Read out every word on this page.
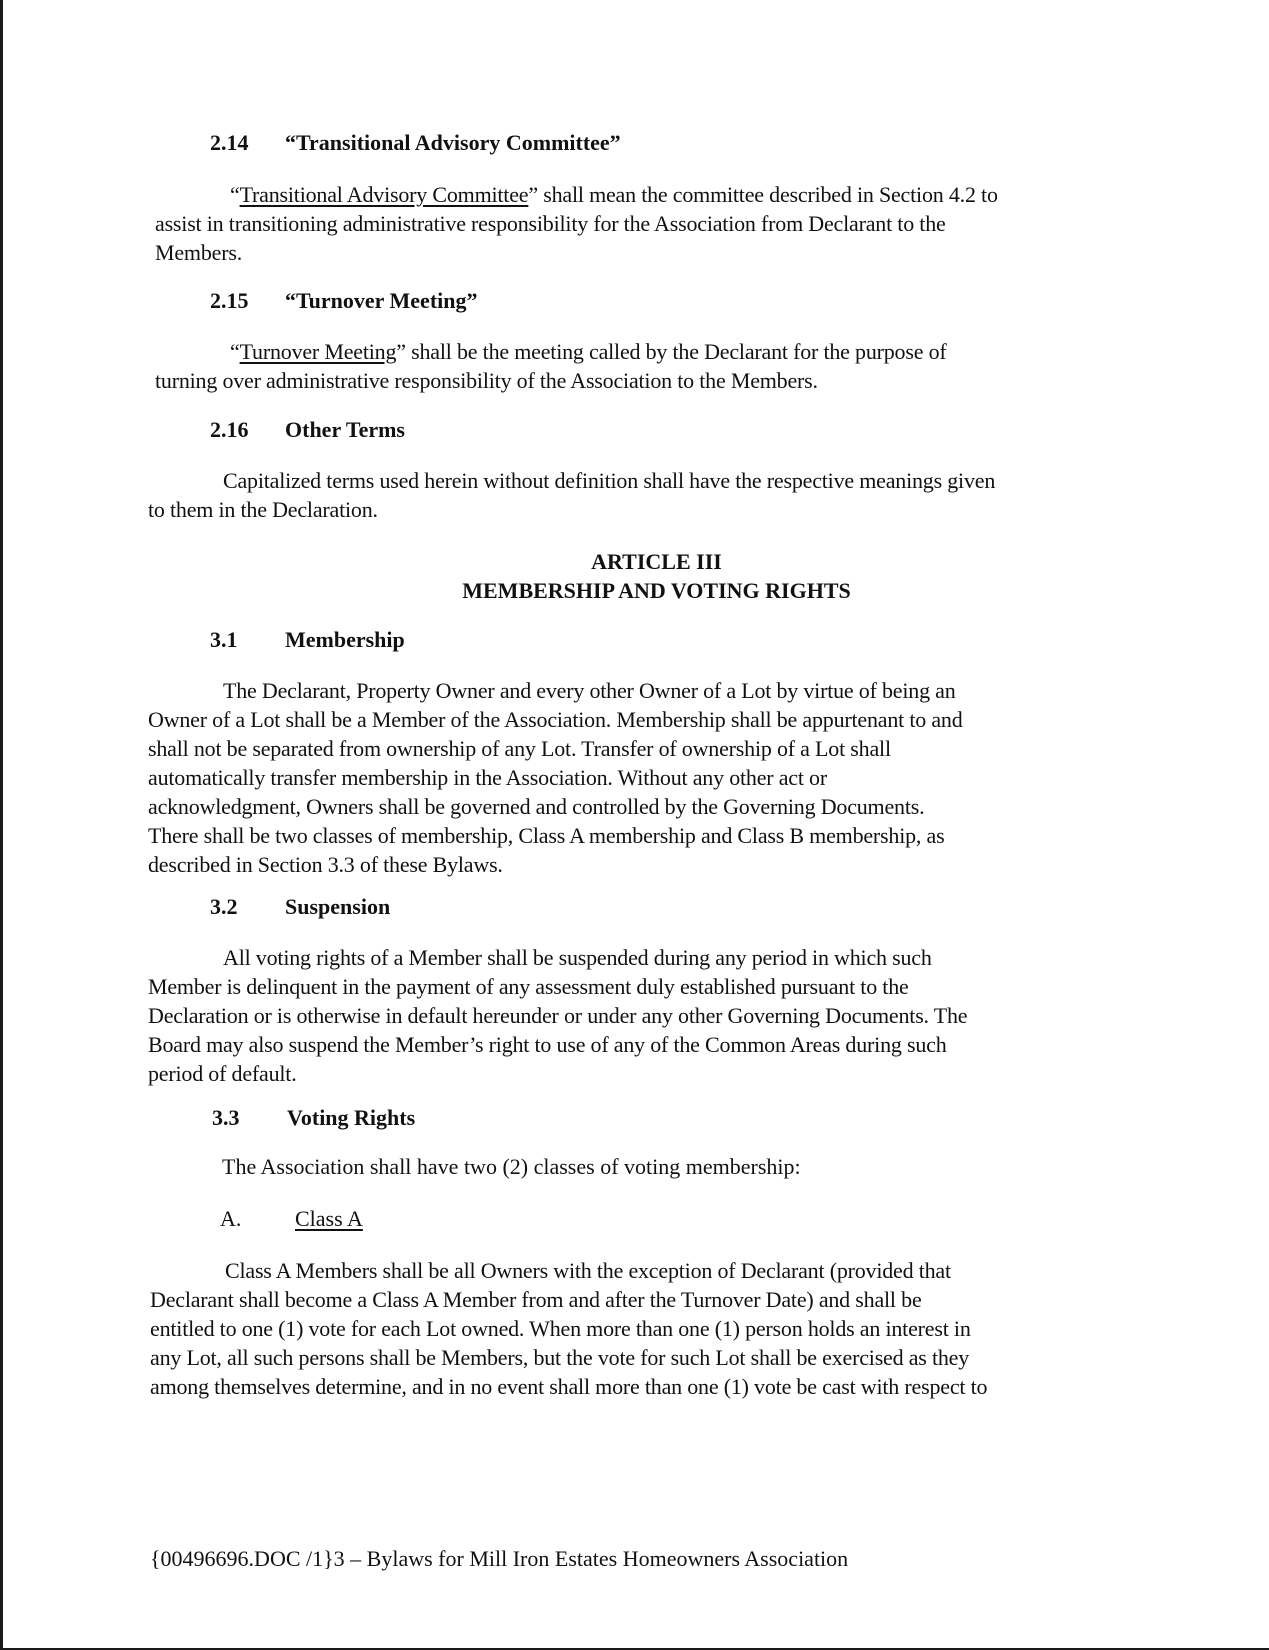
2.14 “Transitional Advisory Committee”
“Transitional Advisory Committee” shall mean the committee described in Section 4.2 to
assist in transitioning administrative responsibility for the Association from Declarant to the
Members.
2.15 “Turnover Meeting”
“Turnover Meeting” shall be the meeting called by the Declarant for the purpose of
turning over administrative responsibility of the Association to the Members.
2.16 Other Terms
Capitalized terms used herein without definition shall have the respective meanings given
to them in the Declaration.
ARTICLE III
MEMBERSHIP AND VOTING RIGHTS
3.1 Membership
The Declarant, Property Owner and every other Owner of a Lot by virtue of being an
Owner of a Lot shall be a Member of the Association. Membership shall be appurtenant to and
shall not be separated from ownership of any Lot. Transfer of ownership of a Lot shall
automatically transfer membership in the Association. Without any other act or
acknowledgment, Owners shall be governed and controlled by the Governing Documents.
There shall be two classes of membership, Class A membership and Class B membership, as
described in Section 3.3 of these Bylaws.
3.2 Suspension
All voting rights of a Member shall be suspended during any period in which such
Member is delinquent in the payment of any assessment duly established pursuant to the
Declaration or is otherwise in default hereunder or under any other Governing Documents. The
Board may also suspend the Member’s right to use of any of the Common Areas during such
period of default.
3.3 Voting Rights
The Association shall have two (2) classes of voting membership:
A. Class A
Class A Members shall be all Owners with the exception of Declarant (provided that
Declarant shall become a Class A Member from and after the Turnover Date) and shall be
entitled to one (1) vote for each Lot owned. When more than one (1) person holds an interest in
any Lot, all such persons shall be Members, but the vote for such Lot shall be exercised as they
among themselves determine, and in no event shall more than one (1) vote be cast with respect to
{00496696.DOC /1}3 – Bylaws for Mill Iron Estates Homeowners Association
